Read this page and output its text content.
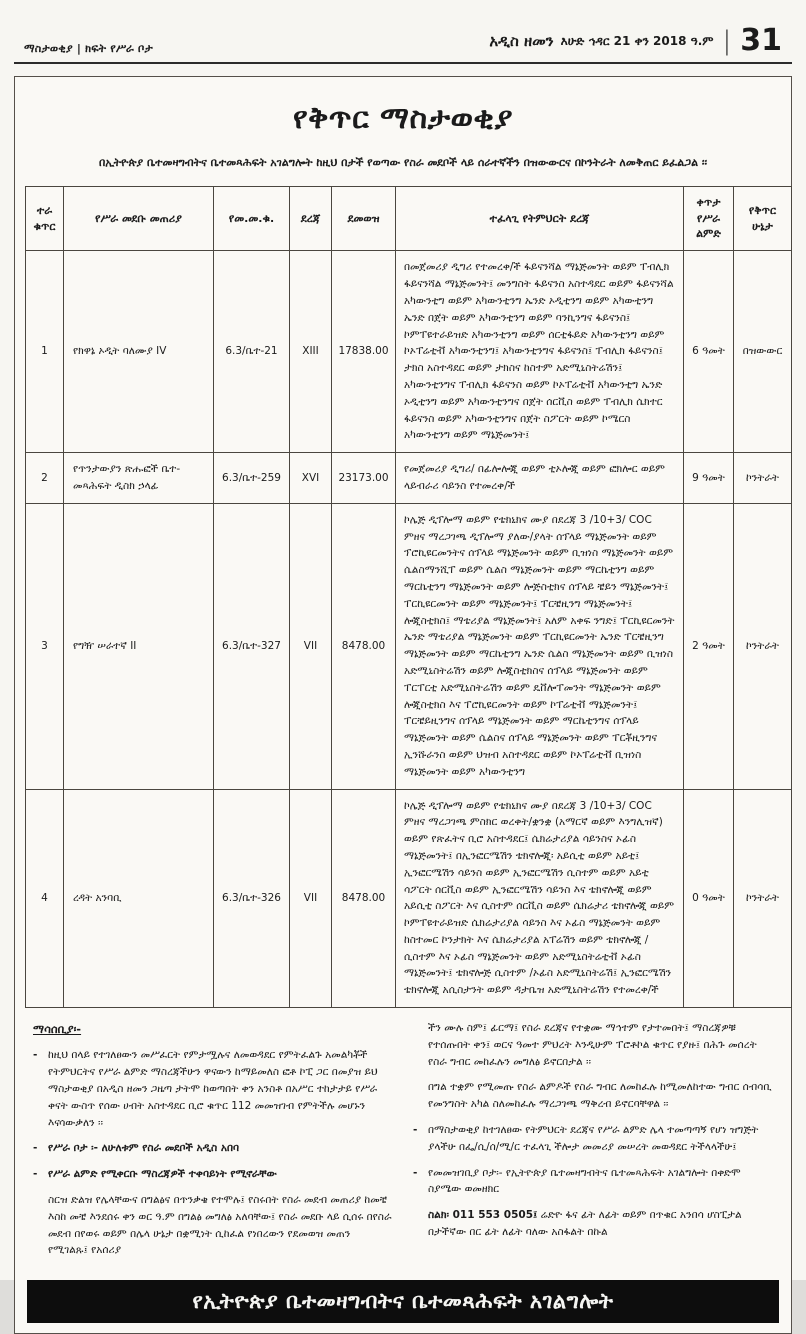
ማስታወቂያ | ክፍት የሥራ ቦታ	አዲስ ዘመን እሁድ ኅዳር 21 ቀን 2018 ዓ.ም | 31
የቅጥር ማስታወቂያ

በኢትዮጵያ ቤተመዛግብትና ቤተመጻሕፍት አገልግሎት ከዚህ በታች የወጣው የስራ መደቦች ላይ ሰራተኛችን በዝውውርና በኮንትራት ለመቅጠር ይፈልጋል ፡፡

ተራ ቁጥር	የሥራ መደቡ መጠሪያ	የመ.መ.ቁ.	ደረጃ	ደመወዝ	ተፈላጊ የትምህርት ደረጃ	ቀጥታ የሥራ ልምድ	የቅጥር ሁኔታ
1	የክዋኔ ኦዲት ባለሙያ IV	6.3/ቤተ-21	XIII	17838.00	በመጀመሪያ ዲግሪ የተመረቀ/ች ፋይናንሻል ማኔጅመንት ወይም ፐብሊክ ፋይናንሻል ማኔጅመንት፤ መንግስት ፋይናንስ አስተዳደር ወይም ፋይናንሻል አካውንቲግ ወይም አካውንቲንግ ኤንድ ኦዲቲንግ ወይም አካውቲንግ ኤንድ በጀት ወይም አካውንቲንግ ወይም ባንኪንግና ፋይናንስ፤ ኮምፐዩተራይዝድ አካውንቲንግ ወይም ሰርቲፋይድ አካውንቲንግ ወይም ኮኦፐሬቲቭ አካውንቲንግ፤ አካውንቲንግና ፋይናንስ፤ ፐብሊክ ፋይናንስ፤ ታክስ አስተዳደር ወይም ታክስና ከስተም አድሚኒስትሬሽን፤ አካውንቲንግና ፐብሊክ ፋይናንስ ወይም ኮኦፐሬቲቭ አካውንቲግ ኤንድ ኦዲቲንግ ወይም አካውንቲንግና በጀት ሰርቪስ ወይም ፐብሊክ ሴክተር ፋይናንስ ወይም አካውንቲንግና በጀት ስፖርት ወይም ኮሜርስ አካውንቲንግ ወይም ማኔጅመንት፤	6 ዓመት	በዝውውር
2	የጥንታውያን ጽሑፎች ቤተ-መጻሕፍት ዲስክ ኃላፊ	6.3/ቤተ-259	XVI	23173.00	የመጀመሪያ ዲግሪ/ በፊሎሎጂ ወይም ቲኦሎጂ ወይም ፎክሎር ወይም ላይብራሪ ሳይንስ የተመረቀ/ች	9 ዓመት	ኮንትራት
3	የግዥ ሠራተኛ II	6.3/ቤተ-327	VII	8478.00	ኮሌጅ ዲፕሎማ ወይም የቴክኒክና ሙያ በደረጃ 3 /10+3/ COC ምዘና ማረጋገጫ ዲፕሎማ ያለው/ያላት ሰፕላይ ማኔጅመንት ወይም ፕሮኪዩርመንትና ሰፕላይ ማኔጅመንት ወይም ቢዝነስ ማኔጅመንት ወይም ሴልስማንሺፐ ወይም ሴልስ ማኔጅመንት ወይም ማርኬቲንግ ወይም ማርኬቲንግ ማኔጅመንት ወይም ሎጅስቲክና ሰፕላይ ቼይን ማኔጅመንት፤ ፐርኪዩርመንት ወይም ማኔጅመንት፤ ፐርቼዚንግ ማኔጅመንት፤ ሎጂስቲክስ፤ ማቴሪያል ማኔጅመንት፤ አለም አቀፍ ንግድ፤ ፐርኪዩርመንት ኤንድ ማቴሪያል ማኔጅመንት ወይም ፐርኪዩርመንት ኤንድ ፐርቼዚንግ ማኔጅመንት ወይም ማርኬቲንግ ኤንድ ሴልስ ማኔጅመንት ወይም ቢዝነስ አድሚኒስትሬሽን ወይም ሎጂስቲክስና ሰፕላይ ማኔጅመንት ወይም ፐርፐርቲ አድሚኒስትሬሽን ወይም ዴቨሎፐመንት ማኔጅመንት ወይም ሎጂስቲክስ እና ፐሮኪዩርመንት ወይም ኮፐሬቲቭ ማኔጅመንት፤ ፐርቼይዚንግና ሰፕላይ ማኔጅመንት ወይም ማርኬቲንግና ሰፕላይ ማኔጅመንት ወይም ሴልስና ሰፕላይ ማኔጅመንት ወይም ፐርቾዚንግና ኢንሹራንስ ወይም ህዝብ አስተዳደር ወይም ኮኦፐሬቲቭ ቢዝነስ ማኔጅመንት ወይም አካውንቲንግ	2 ዓመት	ኮንትራት
4	ረዳት አንባቢ	6.3/ቤተ-326	VII	8478.00	ኮሌጅ ዲፕሎማ ወይም የቴክኒክና ሙያ በደረጃ 3 /10+3/ COC ምዘና ማረጋገጫ ምስክር ወረቀት/ቋንቋ (አማርኛ ወይም እንግሊዝኛ) ወይም የጽፈትና ቢሮ አስተዳደር፤ ሴክሬታሪያል ሳይንስና ኦፊስ ማኔጅመንት፤ በኢንፎርሜሽን ቴክኖሎጂ፡ አይሲቲ ወይም አይቲ፤ ኢንፎርሜሽን ሳይንስ ወይም ኢንፎርሜሽን ሲስተም ወይም አይቲ ሳፖርት ሰርቪስ ወይም ኢንፎርሜሽን ሳይንስ እና ቴክኖሎጂ ወይም አይሲቲ ስፖርት እና ሲስተም ሰርቪስ ወይም ሴክሬታሪ ቴክኖሎጂ ወይም ኮምፐዩተራይዝድ ሴክሬታሪያል ሳይንስ እና ኦፊስ ማኔጅመንት ወይም ከስተመር ኮንታክት እና ሴክሬታሪያል አፐሬሽን ወይም ቴክኖሎጂ /ሲስተም እና ኦፊስ ማኔጅመንት ወይም አድሚኒስትሬቲቭ ኦፊስ ማኔጅመንት፤ ቴክኖሎጅ ሲስተም /ኦፊስ አድሚኒስትሬሽ፤ ኢንፎርሜሽን ቴክኖሎጂ አሲስታንት ወይም ዳታቤዝ አድሚኒስትሬሽን የተመረቀ/ች	0 ዓመት	ኮንትራት
ማሳሰቢያ፡-
-	ከዚህ በላይ የተገለፀውን መሥፈርት የምታሟሉና ለመወዳደር የምትፈልጉ አመልካቾች የትምህርትና የሥራ ልምድ ማስረጃችሁን ዋናውን ከማይመለስ ፎቶ ኮፒ ጋር በመያዝ ይህ ማስታወቂያ በአዲስ ዘመን ጋዜጣ ታትሞ ከወጣበት ቀን አንስቶ በአሥር ተከታታይ የሥራ ቀናት ውስጥ የሰው ሀብት አስተዳደር ቢሮ ቁጥር 112 መመዝገብ የምትችሉ መሆኑን እናሳውቃለን ፡፡

-	የሥራ ቦታ ፡- ለሁለቱም የስራ መደቦች አዲስ አበባ

-	የሥራ ልምድ የሚቀርቡ ማስረጃዎች ተቀባይነት የሚኖራቸው

ስርዝ ድልዝ የሌላቸውና በግልፅና በጥንቃቄ የተሞሉ፤ የስሩበት የስራ መደብ መጠሪያ ከመቼ እስከ መቼ እንደሰሩ ቀን ወር ዓ.ም በግልፅ መግለፅ አለባቸው፤ የስራ መደቡ ላይ ሲሰሩ በየስራ መደብ በየወሩ ወይም በሌላ ሁኔታ በቋሚነት ሲከፈል የነበረውን የደመወዝ መጠን የሚገልጹ፤ የአሰሪያ

ችን ሙሉ ስም፤ ፊርማ፤ የስራ ደረጃና የተቋሙ ማኅተም የታተመበት፤ ማስረጃዎቹ የተሰጡበት ቀን፤ ወርና ዓመተ ምህረት እንዲሁም ፐሮቶኮል ቁጥር የያዙ፤ በሕጉ መሰረት የስራ ግብር መከፈሉን መግለፅ ይኖርበታል ፡፡

በግል ተቋም የሚመጡ የስራ ልምዶች የስራ ግብር ለመከፈሉ ከሚመለከተው ግብር ሰብሳቢ የመንግስት አካል ስለመከፈሉ ማረጋገጫ ማቅረብ ይኖርባቸዋል ፡፡

-	በማስታወቂያ ከተገለፀው የትምህርት ደረጃና የሥራ ልምድ ሌላ ተመጣጣኝ የሆነ ዝግጅት ያላችሁ በፌ/ሲ/ሰ/ሚ/ር ተፈላጊ ችሎታ መመሪያ መሠረት መወዳደር ትችላላችሁ፤

-	የመመዝገቢያ ቦታ፡- የኢትዮጵያ ቤተመዛግብትና ቤተመጻሕፍት አገልግሎት በቀድሞ ስያሜው ወመዘክር

ስልክ፡ 011 553 0505፤ ሬድዮ ፋና ፊት ለፊት ወይም በጥቁር አንበሳ ሆስፒታል በታችኛው በር ፊት ለፊት ባለው አስፋልት በኩል
የኢትዮጵያ ቤተመዛግብትና ቤተመጻሕፍት አገልግሎት
